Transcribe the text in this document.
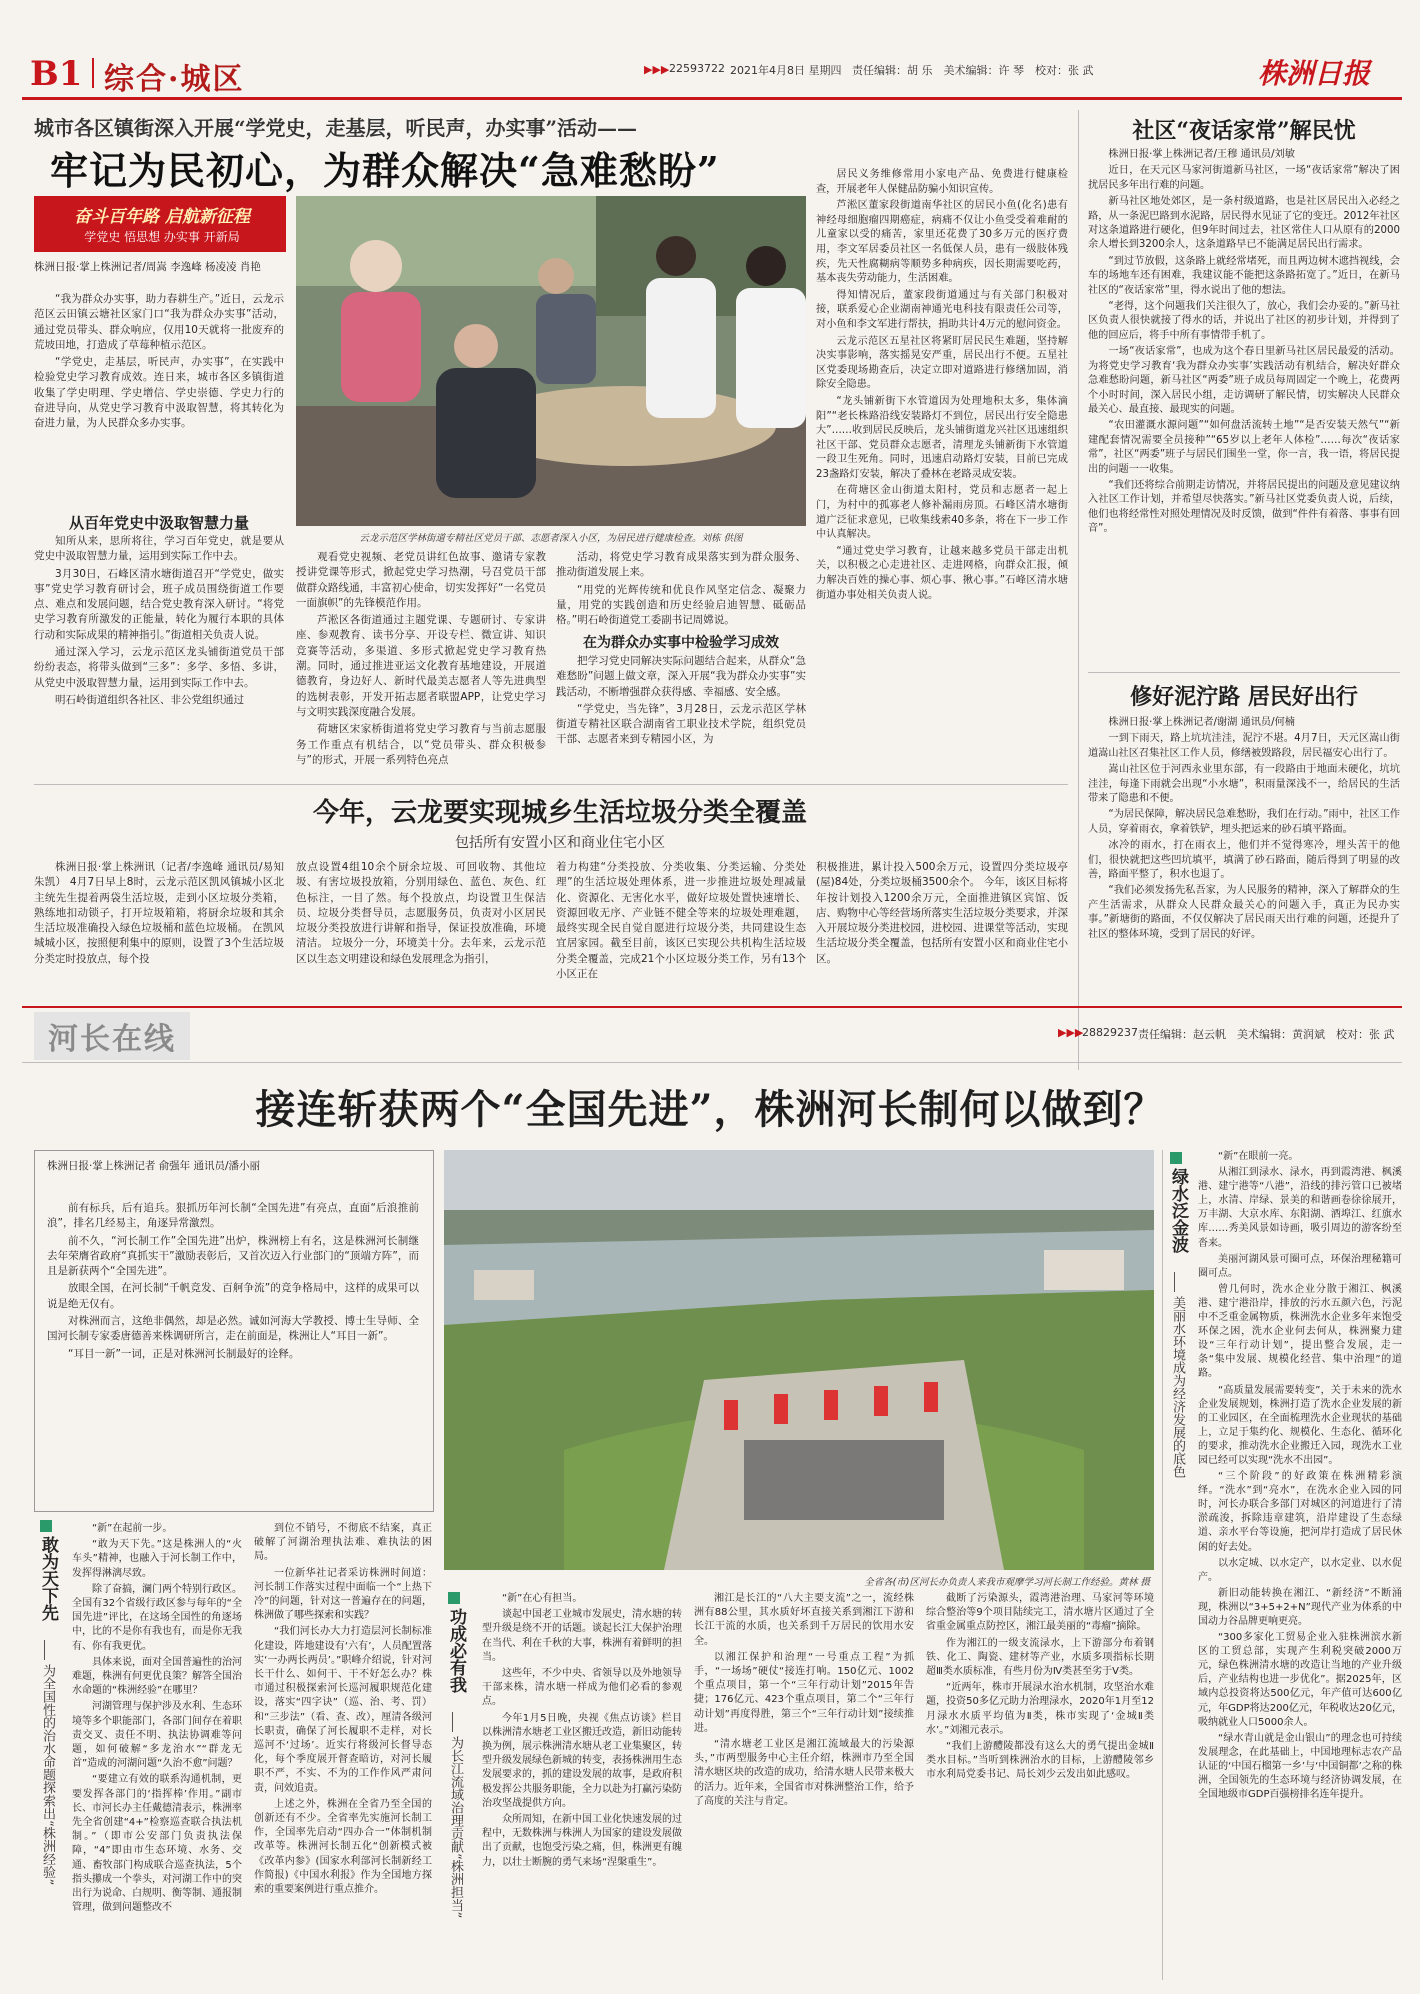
B1 综合·城区	▶▶▶ 22593722 2021年4月8日 星期四 责任编辑：胡 乐　美术编辑：许 琴　校对：张 武	株洲日报
城市各区镇街深入开展“学党史，走基层，听民声，办实事”活动——
牢记为民初心，为群众解决“急难愁盼”
奋斗百年路 启航新征程
学党史 悟思想 办实事 开新局
株洲日报·掌上株洲记者/周嵩 李逸峰 杨凌凌 肖艳

“我为群众办实事，助力春耕生产。”近日，云龙示范区云田镇云塘社区家门口“我为群众办实事”活动，通过党员带头、群众响应，仅用10天就将一批废弃的荒坡田地，打造成了草莓种植示范区。

“学党史，走基层，听民声，办实事”，在实践中检验党史学习教育成效。连日来，城市各区多镇街道收集了学史明理、学史增信、学史崇德、学史力行的奋进导向，从党史学习教育中汲取智慧，将其转化为奋进力量，为人民群众多办实事。

从百年党史中汲取智慧力量

知所从来，思所将往，学习百年党史，就是要从党史中汲取智慧力量，运用到实际工作中去。

3月30日，石峰区清水塘街道召开“学党史，做实事”党史学习教育研讨会，班子成员围绕街道工作要点、难点和发展问题，结合党史教育深入研讨。“将党史学习教育所激发的正能量，转化为履行本职的具体行动和实际成果的精神指引。”街道相关负责人说。

通过深入学习，云龙示范区龙头铺街道党员干部纷纷表态，将带头做到“三多”：多学、多悟、多讲，从党史中汲取智慧力量，运用到实际工作中去。

明石岭街道组织各社区、非公党组织通过

云龙示范区学林街道专精社区党员干部、志愿者深入小区，为居民进行健康检查。刘栋 供图

观看党史视频、老党员讲红色故事、邀请专家教授讲党课等形式，掀起党史学习热潮，号召党员干部做群众路线通，丰富初心使命，切实发挥好“一名党员一面旗帜”的先锋模范作用。

芦淞区各街道通过主题党课、专题研讨、专家讲座、参观教育、读书分享、开设专栏、微宣讲、知识竞赛等活动，多渠道、多形式掀起党史学习教育热潮。同时，通过推进亚运文化教育基地建设，开展道德教育，身边好人、新时代最美志愿者人等先进典型的选树表彰，开发开拓志愿者联盟APP，让党史学习与文明实践深度融合发展。

荷塘区宋家桥街道将党史学习教育与当前志愿服务工作重点有机结合，以“党员带头、群众积极参与”的形式，开展一系列特色亮点

活动，将党史学习教育成果落实到为群众服务、推动街道发展上来。

“用党的光辉传统和优良作风坚定信念、凝聚力量，用党的实践创造和历史经验启迪智慧、砥砺品格。”明石岭街道党工委副书记周嫦说。

在为群众办实事中检验学习成效

把学习党史同解决实际问题结合起来，从群众“急难愁盼”问题上做文章，深入开展“我为群众办实事”实践活动，不断增强群众获得感、幸福感、安全感。

“学党史，当先锋”，3月28日，云龙示范区学林街道专精社区联合湖南省工职业技术学院，组织党员干部、志愿者来到专精园小区，为

居民义务维修常用小家电产品、免费进行健康检查，开展老年人保健品防骗小知识宣传。

芦淞区董家段街道南华社区的居民小鱼(化名)患有神经母细胞瘤四期癌症，病痛不仅让小鱼受受着难耐的儿童家以受的痛苦，家里还花费了30多万元的医疗费用，李文军居委员社区一名低保人员，患有一级肢体残疾，先天性腐糊病等顺势多种病疾，因长期需要吃药，基本丧失劳动能力，生活困难。

得知情况后，董家段街道通过与有关部门积极对接，联系爱心企业湖南神通光电科技有限责任公司等，对小鱼和李文军进行帮扶，捐助共计4万元的慰问资金。

云龙示范区五星社区将紧盯居民民生难题，坚持解决实事影响，落实摇晃安严重，居民出行不便。五星社区党委现场勘查后，决定立即对道路进行修缮加固，消除安全隐患。

“龙头铺新街下水管道因为处理地积太多，集体滴阳”“老长株路沿线安装路灯不到位，居民出行安全隐患大”……收到居民反映后，龙头铺街道龙兴社区迅速组织社区干部、党员群众志愿者，清理龙头铺新街下水管道一段卫生死角。同时，迅速启动路灯安装，目前已完成23盏路灯安装，解决了叠林在老路灵成安装。

在荷塘区金山街道太阳村，党员和志愿者一起上门，为村中的孤寡老人修补漏雨房顶。石峰区清水塘街道广泛征求意见，已收集线索40多条，将在下一步工作中认真解决。

“通过党史学习教育，让越来越多党员干部走出机关，以积极之心走进社区、走进网格，向群众汇报，倾力解决百姓的操心事、烦心事、揪心事。”石峰区清水塘街道办事处相关负责人说。

社区“夜话家常”解民忧

株洲日报·掌上株洲记者/王穆 通讯员/刘敏

近日，在天元区马家河街道新马社区，一场“夜话家常”解决了困扰居民多年出行难的问题。

新马社区地处郊区，是一条村级道路，也是社区居民出入必经之路，从一条泥巴路到水泥路，居民得水见证了它的变迁。2012年社区对这条道路进行硬化，但9年时间过去，社区常住人口从原有的2000余人增长到3200余人，这条道路早已不能满足居民出行需求。

“到过节放假，这条路上就经常堵死，而且两边树木遮挡视线，会车的场地车还有困难，我建议能不能把这条路拓宽了。”近日，在新马社区的“夜话家常”里，得水说出了他的想法。

“老得，这个问题我们关注很久了，放心，我们会办妥的。”新马社区负责人很快就接了得水的话，并说出了社区的初步计划，并得到了他的回应后，将手中所有事情带手机了。

一场“夜话家常”，也成为这个春日里新马社区居民最爱的活动。为将党史学习教育‘我为群众办实事’实践活动有机结合，解决好群众急难愁盼问题，新马社区“两委”班子成员每周固定一个晚上，花费两个小时时间，深入居民小组，走访调研了解民情，切实解决人民群众最关心、最直接、最现实的问题。

“农田灌溉水源问题”“如何盘活流转土地”“是否安装天然气”“新建配套情况需要全员接种”“65岁以上老年人体检”……每次“夜话家常”，社区“两委”班子与居民们围坐一堂，你一言，我一语，将居民提出的问题一一收集。

“我们还将综合前期走访情况，并将居民提出的问题及意见建议纳入社区工作计划，并希望尽快落实。”新马社区党委负责人说，后续，他们也将经常性对照处理情况及时反馈，做到“件件有着落、事事有回音”。

修好泥泞路 居民好出行

株洲日报·掌上株洲记者/谢湖 通讯员/何楠

一到下雨天，路上坑坑洼洼，泥泞不堪。4月7日，天元区嵩山街道嵩山社区召集社区工作人员，修缮被毁路段，居民福安心出行了。

嵩山社区位于河西永业里东部，有一段路由于地面未硬化，坑坑洼洼，每逢下雨就会出现“小水塘”，积雨量深浅不一，给居民的生活带来了隐患和不便。

“为居民保障，解决居民急难愁盼，我们在行动。”雨中，社区工作人员，穿着雨衣，拿着铁铲，埋头把运来的砂石填平路面。

冰冷的雨水，打在雨衣上，他们并不觉得寒冷，埋头苦干的他们，很快就把这些凹坑填平，填满了砂石路面，随后得到了明显的改善，路面平整了，积水也退了。

“我们必须发扬先私吾家，为人民服务的精神，深入了解群众的生产生活需求，从群众人民群众最关心的问题入手，真正为民办实事。”新塘街的路面，不仅仅解决了居民雨天出行难的问题，还提升了社区的整体环境，受到了居民的好评。

今年，云龙要实现城乡生活垃圾分类全覆盖
包括所有安置小区和商业住宅小区
株洲日报·掌上株洲讯（记者/李逸峰 通讯员/易知 朱凯） 4月7日早上8时，云龙示范区凯风镇城小区北主统先生提着两袋生活垃圾，走到小区垃圾分类箱，熟练地扣动锁子，打开垃圾箱箱，将厨余垃圾和其余生活垃圾准确投入绿色垃圾桶和蓝色垃圾桶。 在凯风城城小区，按照便利集中的原则，设置了3个生活垃圾分类定时投放点，每个投
放点设置4组10余个厨余垃圾、可回收物、其他垃圾、有害垃圾投放箱，分别用绿色、蓝色、灰色、红色标注，一目了然。每个投放点，均设置卫生保洁员、垃圾分类督导员，志愿服务员，负责对小区居民垃圾分类投放进行讲解和指导，保证投放准确，环境清洁。 垃圾分一分，环境美十分。去年来，云龙示范区以生态文明建设和绿色发展理念为指引，
着力构建“分类投放、分类收集、分类运输、分类处理”的生活垃圾处理体系，进一步推进垃圾处理减量化、资源化、无害化水平，做好垃圾处置快速增长、资源回收无序、产业链不健全等来的垃圾处理难题，最终实现全民自觉自愿进行垃圾分类，共同建设生态宜居家园。截至目前，该区已实现公共机构生活垃圾分类全覆盖，完成21个小区垃圾分类工作，另有13个小区正在
积极推进，累计投入500余万元，设置四分类垃圾亭(屋)84处，分类垃圾桶3500余个。 今年，该区目标将年按计划投入1200余万元，全面推进镇区宾馆、饭店、购物中心等经营场所落实生活垃圾分类要求，并深入开展垃圾分类进校园，进校园、进课堂等活动，实现生活垃圾分类全覆盖，包括所有安置小区和商业住宅小区。
河长在线	▶▶▶
28829237 责任编辑：赵云帆　美术编辑：黄润斌　校对：张 武
接连斩获两个“全国先进”，株洲河长制何以做到？
株洲日报·掌上株洲记者 俞强年 通讯员/潘小丽

前有标兵，后有追兵。狠抓历年河长制“全国先进”有亮点，直面“后浪推前浪”，排名几经易主，角逐异常激烈。

前不久，“河长制工作”全国先进”出炉，株洲榜上有名，这是株洲河长制继去年荣膺省政府“真抓实干”激励表彰后，又首次迈入行业部门的“顶端方阵”，而且是新获两个“全国先进”。

放眼全国，在河长制“千帆竞发、百舸争流”的竞争格局中，这样的成果可以说是绝无仅有。

对株洲而言，这绝非偶然，却是必然。诚如河海大学教授、博士生导师、全国河长制专家委唐德善来株调研所言，走在前面是，株洲让人“耳目一新”。

“耳目一新”一词，正是对株洲河长制最好的诠释。

敢为天下先
为全国性的治水命题探索出“株洲经验”

“新”在起前一步。

“敢为天下先。”这是株洲人的“火车头”精神，也融入于河长制工作中，发挥得淋漓尽致。

除了奋搞，澜门两个特别行政区。全国有32个省级行政区参与每年的“全国先进”评比，在这场全国性的角逐场中，比的不是你有我也有，而是你无我有、你有我更优。

具体来说，面对全国普遍性的治河难题，株洲有何更优良策？解答全国治水命题的“株洲经验”在哪里？

河湖管理与保护涉及水利、生态环境等多个职能部门，各部门间存在着职责交叉、责任不明、执法协调难等问题，如何破解“多龙治水”“群龙无首”造成的河湖问题“久治不愈”问题？

“要建立有效的联系沟通机制，更要发挥各部门的‘指挥棒’作用。”副市长、市河长办主任戴德清表示，株洲率先全省创建“4+”检察巡查联合执法机制。”（即市公安部门负责执法保障，“4”即由市生态环境、水务、交通、畜牧部门构成联合巡查执法，5个指头攥成一个拳头，对河湖工作中的突出行为说命、白规明、衡等制、通报制管理，做到问题整改不

到位不销号，不彻底不结案，真正破解了河湖治理执法难、难执法的困局。

一位新华社记者采访株洲时间道：河长制工作落实过程中面临一个“上热下冷”的问题，针对这一普遍存在的问题，株洲做了哪些探索和实践？

“我们河长办大力打造层河长制标准化建设，阵地建设有‘六有’，人员配置落实‘一办两长两员’。”职峰介绍说，针对河长干什么、如何干、干不好怎么办？株市通过积极探索河长巡河履职规范化建设，落实“四字诀”（巡、治、考、罚）和“三步法”（看、查、改），厘清各级河长职责，确保了河长履职不走样，对长巡河不‘过场’。近实行将级河长督导态化，每个季度展开督查暗访，对河长履职不严，不实、不为的工作作风严肃问责，问效追责。

上述之外，株洲在全省乃至全国的创新还有不少。全省率先实施河长制工作，全国率先启动“四办合一”体制机制改革等。株洲河长制五化“创新模式被《改革内参》(国家水利部河长制新经工作简报)《中国水利报》作为全国地方探索的重要案例进行重点推介。

全省各(市)区河长办负责人来我市观摩学习河长制工作经验。黄林 摄
功成必有我
为长江流域治理贡献“株洲担当”

“新”在心有担当。

谈起中国老工业城市发展史，清水塘的转型升级是绕不开的话题。谈起长江大保护治理在当代、利在千秋的大事，株洲有着鲜明的担当。

这些年，不少中央、省领导以及外地领导干部来株，清水塘一样成为他们必看的参观点。

今年1月5日晚，央视《焦点访谈》栏目以株洲清水塘老工业区搬迁改造，新旧动能转换为例，展示株洲清水塘从老工业集聚区，转型升级发展绿色新城的转变，表扬株洲用生态发展要求的，抓的建设发展的故事，是政府积极发挥公共服务职能，全力以赴为打赢污染防治攻坚战提供方向。

众所周知，在新中国工业化快速发展的过程中，无数株洲与株洲人为国家的建设发展做出了贡献，也饱受污染之痛，但，株洲更有魄力，以壮士断腕的勇气来场“涅槃重生”。

湘江是长江的“八大主要支流”之一，流经株洲有88公里，其水质好坏直接关系到湘江下游和长江干流的水质，也关系到千万居民的饮用水安全。

以湘江保护和治理“一号重点工程”为抓手，“一场场”硬仗“接连打响。150亿元、1002个重点项目，第一个“三年行动计划”2015年告捷；176亿元、423个重点项目，第二个“三年行动计划”再度得胜，第三个“三年行动计划”接续推进。

“清水塘老工业区是湘江流域最大的污染源头，”市两型服务中心主任介绍，株洲市乃至全国清水塘区块的改造的成功，给清水塘人民带来极大的活力。近年来，全国省市对株洲整治工作，给予了高度的关注与肯定。

截断了污染源头，霞湾港治理、马家河等环境综合整治等9个项目陆续完工，清水塘片区通过了全省重金属重点防控区，湘江最美丽的“毒瘤”摘除。

作为湘江的一级支流渌水，上下游部分布着钢铁、化工、陶瓷、建材等产业，水质多项指标长期超Ⅲ类水质标准，有些月份为Ⅳ类甚至劣于Ⅴ类。

“近两年，株市开展渌水治水机制，攻坚治水难题，投资50多亿元助力治理渌水，2020年1月至12月渌水水质平均值为Ⅱ类，株市实现了‘金城Ⅱ类水’。”刘湘元表示。

“我们上游醴陵都没有这么大的勇气提出金城Ⅱ类水目标。”当听到株洲治水的目标，上游醴陵邻乡市水利局党委书记、局长刘少云发出如此感叹。

绿水泛金波
美丽水环境成为经济发展的底色

“新”在眼前一亮。

从湘江到渌水、渌水，再到霞湾港、枫溪港、建宁港等“八港”，沿线的排污管口已被堵上，水清、岸绿、景美的和谐画卷徐徐展开，万丰湖、大京水库、东阳湖、酒埠江、红旗水库……秀美风景如诗画，吸引周边的游客纷至沓来。

美丽河湖风景可圈可点，环保治理秘籍可圈可点。

曾几何时，洗水企业分散于湘江、枫溪港、建宁港沿岸，排放的污水五颜六色，污泥中不乏重金属物质，株洲洗水企业多年来饱受环保之困，洗水企业何去何从，株洲聚力建设“三年行动计划”，提出整合发展，走一条“集中发展、规模化经营、集中治理”的道路。

“高质量发展需要转变”，关于未来的洗水企业发展规划，株洲打造了洗水企业发展的新的工业园区，在全面梳理洗水企业现状的基础上，立足于集约化、规模化、生态化、循环化的要求，推动洗水企业搬迁入园，现洗水工业园已经可以实现“洗水不出园”。

“三个阶段”的好政策在株洲精彩演绎。“洗水”到“亮水”，在洗水企业入园的同时，河长办联合多部门对城区的河道进行了清淤疏浚，拆除违章建筑，沿岸建设了生态绿道、亲水平台等设施，把河岸打造成了居民休闲的好去处。

以水定城、以水定产，以水定业、以水促产。

新旧动能转换在湘江、“新经济”不断涌现，株洲以“3+5+2+N”现代产业为体系的中国动力谷品牌更响更亮。

“300多家化工贸易企业入驻株洲滨水新区的工贸总部，实现产生利税突破2000万元，绿色株洲清水塘的改造让当地的产业升级后，产业结构也进一步优化”。据2025年，区域内总投资将达500亿元，年产值可达600亿元，年GDP将达200亿元，年税收达20亿元，吸纳就业人口5000余人。

“绿水青山就是金山银山”的理念也可持续发展理念，在此基础上，中国地理标志农产品认证的‘中国石榴第一乡’与‘中国铜都’之称的株洲，全国领先的生态环境与经济协调发展，在全国地级市GDP百强榜排名连年提升。
